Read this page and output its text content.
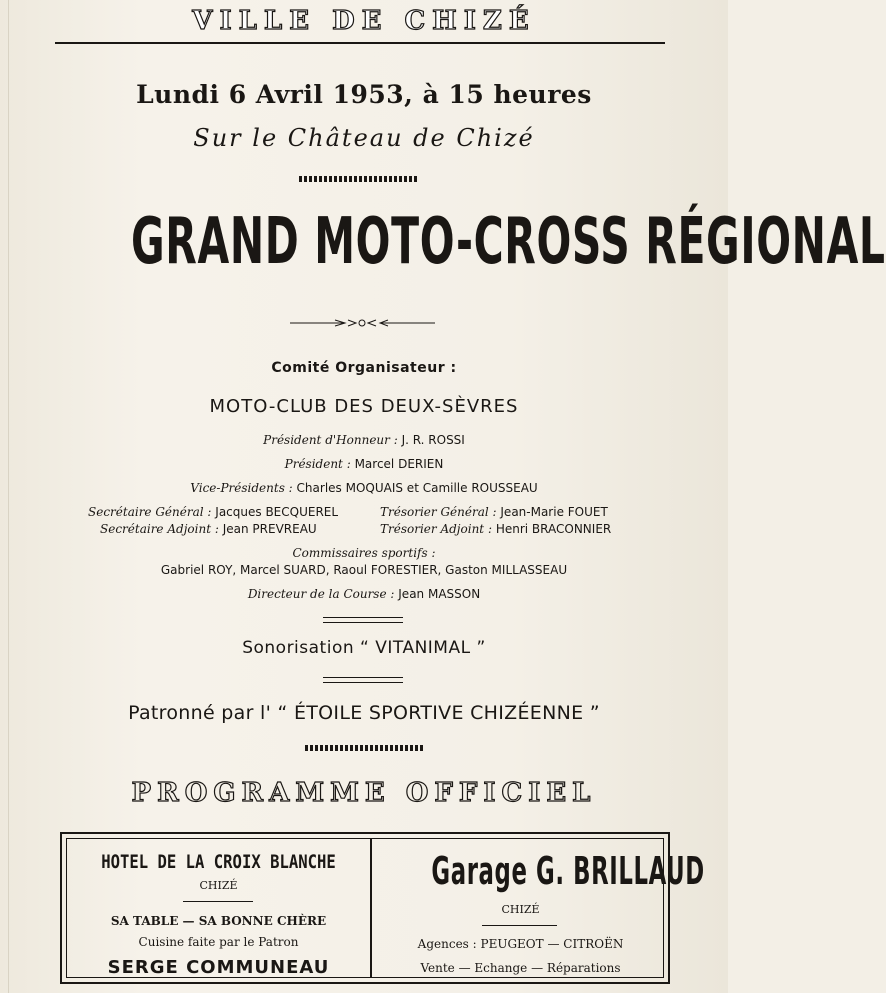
VILLE DE CHIZÉ
Lundi 6 Avril 1953, à 15 heures
Sur le Château de Chizé
GRAND MOTO-CROSS RÉGIONAL
Comité Organisateur :
MOTO-CLUB DES DEUX-SÈVRES
Président d'Honneur : J. R. ROSSI
Président : Marcel DERIEN
Vice-Présidents : Charles MOQUAIS et Camille ROUSSEAU
Secrétaire Général : Jacques BECQUEREL	Trésorier Général : Jean-Marie FOUET
Secrétaire Adjoint : Jean PREVREAU	Trésorier Adjoint : Henri BRACONNIER
Commissaires sportifs :
Gabriel ROY, Marcel SUARD, Raoul FORESTIER, Gaston MILLASSEAU
Directeur de la Course : Jean MASSON
Sonorisation “ VITANIMAL ”
Patronné par l' “ ÉTOILE SPORTIVE CHIZÉENNE ”
PROGRAMME OFFICIEL
HOTEL DE LA CROIX BLANCHE
CHIZÉ
SA TABLE — SA BONNE CHÈRE
Cuisine faite par le Patron
SERGE COMMUNEAU
Garage G. BRILLAUD
CHIZÉ
Agences : PEUGEOT — CITROËN
Vente — Echange — Réparations
